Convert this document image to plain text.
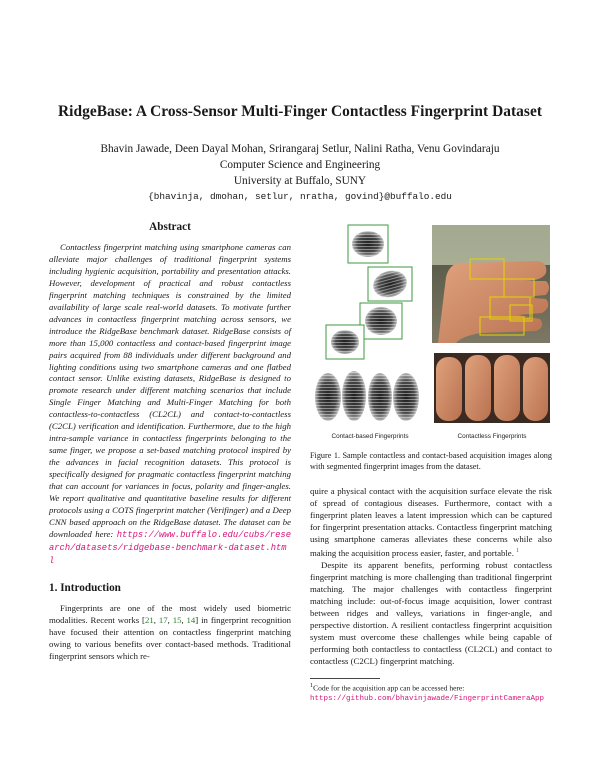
RidgeBase: A Cross-Sensor Multi-Finger Contactless Fingerprint Dataset
Bhavin Jawade, Deen Dayal Mohan, Srirangaraj Setlur, Nalini Ratha, Venu Govindaraju
Computer Science and Engineering
University at Buffalo, SUNY
{bhavinja, dmohan, setlur, nratha, govind}@buffalo.edu
Abstract
Contactless fingerprint matching using smartphone cameras can alleviate major challenges of traditional fingerprint systems including hygienic acquisition, portability and presentation attacks. However, development of practical and robust contactless fingerprint matching techniques is constrained by the limited availability of large scale real-world datasets. To motivate further advances in contactless fingerprint matching across sensors, we introduce the RidgeBase benchmark dataset. RidgeBase consists of more than 15,000 contactless and contact-based fingerprint image pairs acquired from 88 individuals under different background and lighting conditions using two smartphone cameras and one flatbed contact sensor. Unlike existing datasets, RidgeBase is designed to promote research under different matching scenarios that include Single Finger Matching and Multi-Finger Matching for both contactless-to-contactless (CL2CL) and contact-to-contactless (C2CL) verification and identification. Furthermore, due to the high intra-sample variance in contactless fingerprints belonging to the same finger, we propose a set-based matching protocol inspired by the advances in facial recognition datasets. This protocol is specifically designed for pragmatic contactless fingerprint matching that can account for variances in focus, polarity and finger-angles. We report qualitative and quantitative baseline results for different protocols using a COTS fingerprint matcher (Verifinger) and a Deep CNN based approach on the RidgeBase dataset. The dataset can be downloaded here: https://www.buffalo.edu/cubs/research/datasets/ridgebase-benchmark-dataset.html
1. Introduction

Fingerprints are one of the most widely used biometric modalities. Recent works [21, 17, 15, 14] in fingerprint recognition have focused their attention on contactless fingerprint matching owing to various benefits over contact-based methods. Traditional fingerprint sensors which re-

Contact-based Fingerprints	Contactless Fingerprints
Figure 1. Sample contactless and contact-based acquisition images along with segmented fingerprint images from the dataset.

quire a physical contact with the acquisition surface elevate the risk of spread of contagious diseases. Furthermore, contact with a fingerprint platen leaves a latent impression which can be captured for fingerprint presentation attacks. Contactless fingerprint matching using smartphone cameras alleviates these concerns while also making the acquisition process easier, faster, and portable. $^1$

Despite its apparent benefits, performing robust contactless fingerprint matching is more challenging than traditional fingerprint matching. The major challenges with contactless fingerprint matching include: out-of-focus image acquisition, lower contrast between ridges and valleys, variations in finger-angle, and perspective distortion. A resilient contactless fingerprint acquisition system must overcome these challenges while being capable of performing both contactless to contactless (CL2CL) and contact to contactless (C2CL) fingerprint matching.

$^1$Code for the acquisition app can be accessed here: https://github.com/bhavinjawade/FingerprintCameraApp
